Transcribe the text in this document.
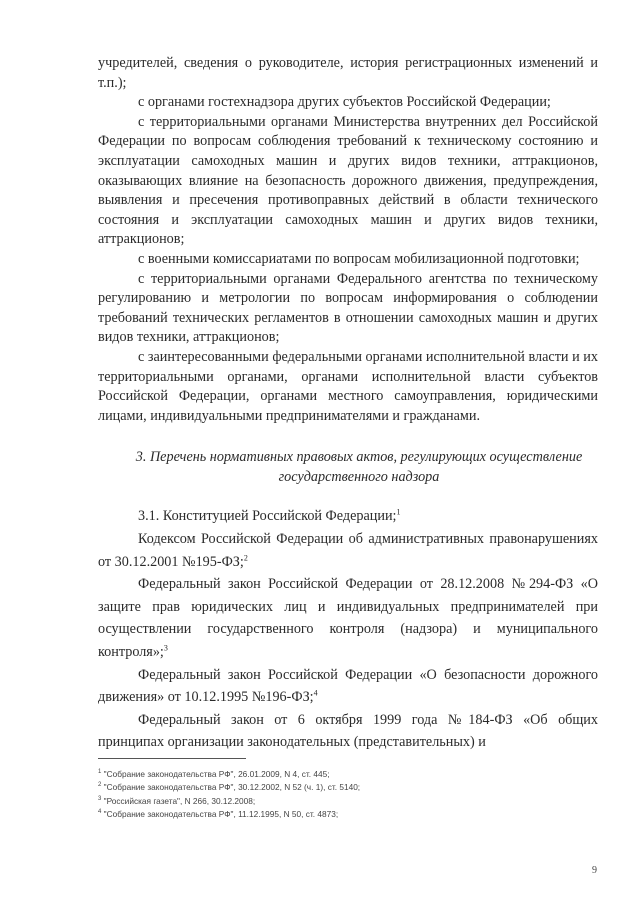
учредителей, сведения о руководителе, история регистрационных изменений и т.п.);

с органами гостехнадзора других субъектов Российской Федерации;

с территориальными органами Министерства внутренних дел Российской Федерации по вопросам соблюдения требований к техническому состоянию и эксплуатации самоходных машин и других видов техники, аттракционов, оказывающих влияние на безопасность дорожного движения, предупреждения, выявления и пресечения противоправных действий в области технического состояния и эксплуатации самоходных машин и других видов техники, аттракционов;

с военными комиссариатами по вопросам мобилизационной подготовки;

с территориальными органами Федерального агентства по техническому регулированию и метрологии по вопросам информирования о соблюдении требований технических регламентов в отношении самоходных машин и других видов техники, аттракционов;

с заинтересованными федеральными органами исполнительной власти и их территориальными органами, органами исполнительной власти субъектов Российской Федерации, органами местного самоуправления, юридическими лицами, индивидуальными предпринимателями и гражданами.

3. Перечень нормативных правовых актов, регулирующих осуществление государственного надзора

3.1. Конституцией Российской Федерации;$^1$

Кодексом Российской Федерации об административных правонарушениях от 30.12.2001 №195-ФЗ;$^2$

Федеральный закон Российской Федерации от 28.12.2008 №294-ФЗ «О защите прав юридических лиц и индивидуальных предпринимателей при осуществлении государственного контроля (надзора) и муниципального контроля»;$^3$

Федеральный закон Российской Федерации «О безопасности дорожного движения» от 10.12.1995 №196-ФЗ;$^4$

Федеральный закон от 6 октября 1999 года №184-ФЗ «Об общих принципах организации законодательных (представительных) и

$^1$ "Собрание законодательства РФ", 26.01.2009, N 4, ст. 445;
$^2$ "Собрание законодательства РФ", 30.12.2002, N 52 (ч. 1), ст. 5140;
$^3$ "Российская газета", N 266, 30.12.2008;
$^4$ "Собрание законодательства РФ", 11.12.1995, N 50, ст. 4873;
9
